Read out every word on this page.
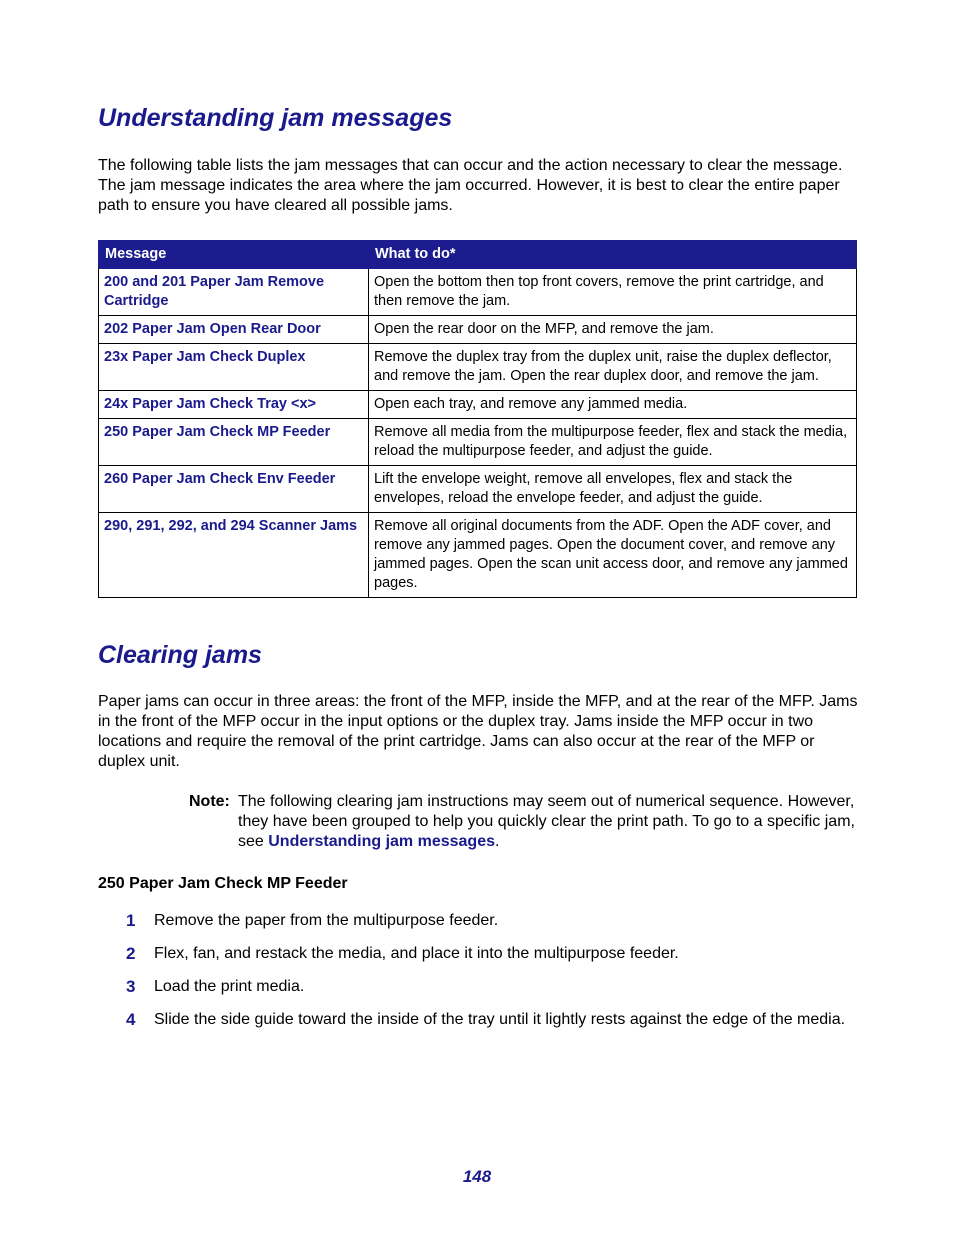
Understanding jam messages

The following table lists the jam messages that can occur and the action necessary to clear the message. The jam message indicates the area where the jam occurred. However, it is best to clear the entire paper path to ensure you have cleared all possible jams.

Message	What to do*
200 and 201 Paper Jam Remove Cartridge	Open the bottom then top front covers, remove the print cartridge, and then remove the jam.
202 Paper Jam Open Rear Door	Open the rear door on the MFP, and remove the jam.
23x Paper Jam Check Duplex	Remove the duplex tray from the duplex unit, raise the duplex deflector, and remove the jam. Open the rear duplex door, and remove the jam.
24x Paper Jam Check Tray <x>	Open each tray, and remove any jammed media.
250 Paper Jam Check MP Feeder	Remove all media from the multipurpose feeder, flex and stack the media, reload the multipurpose feeder, and adjust the guide.
260 Paper Jam Check Env Feeder	Lift the envelope weight, remove all envelopes, flex and stack the envelopes, reload the envelope feeder, and adjust the guide.
290, 291, 292, and 294 Scanner Jams	Remove all original documents from the ADF. Open the ADF cover, and remove any jammed pages. Open the document cover, and remove any jammed pages. Open the scan unit access door, and remove any jammed pages.
Clearing jams

Paper jams can occur in three areas: the front of the MFP, inside the MFP, and at the rear of the MFP. Jams in the front of the MFP occur in the input options or the duplex tray. Jams inside the MFP occur in two locations and require the removal of the print cartridge. Jams can also occur at the rear of the MFP or duplex unit.

Note: The following clearing jam instructions may seem out of numerical sequence. However, they have been grouped to help you quickly clear the print path. To go to a specific jam, see Understanding jam messages.
250 Paper Jam Check MP Feeder
1 Remove the paper from the multipurpose feeder.
2 Flex, fan, and restack the media, and place it into the multipurpose feeder.
3 Load the print media.
4 Slide the side guide toward the inside of the tray until it lightly rests against the edge of the media.
148
